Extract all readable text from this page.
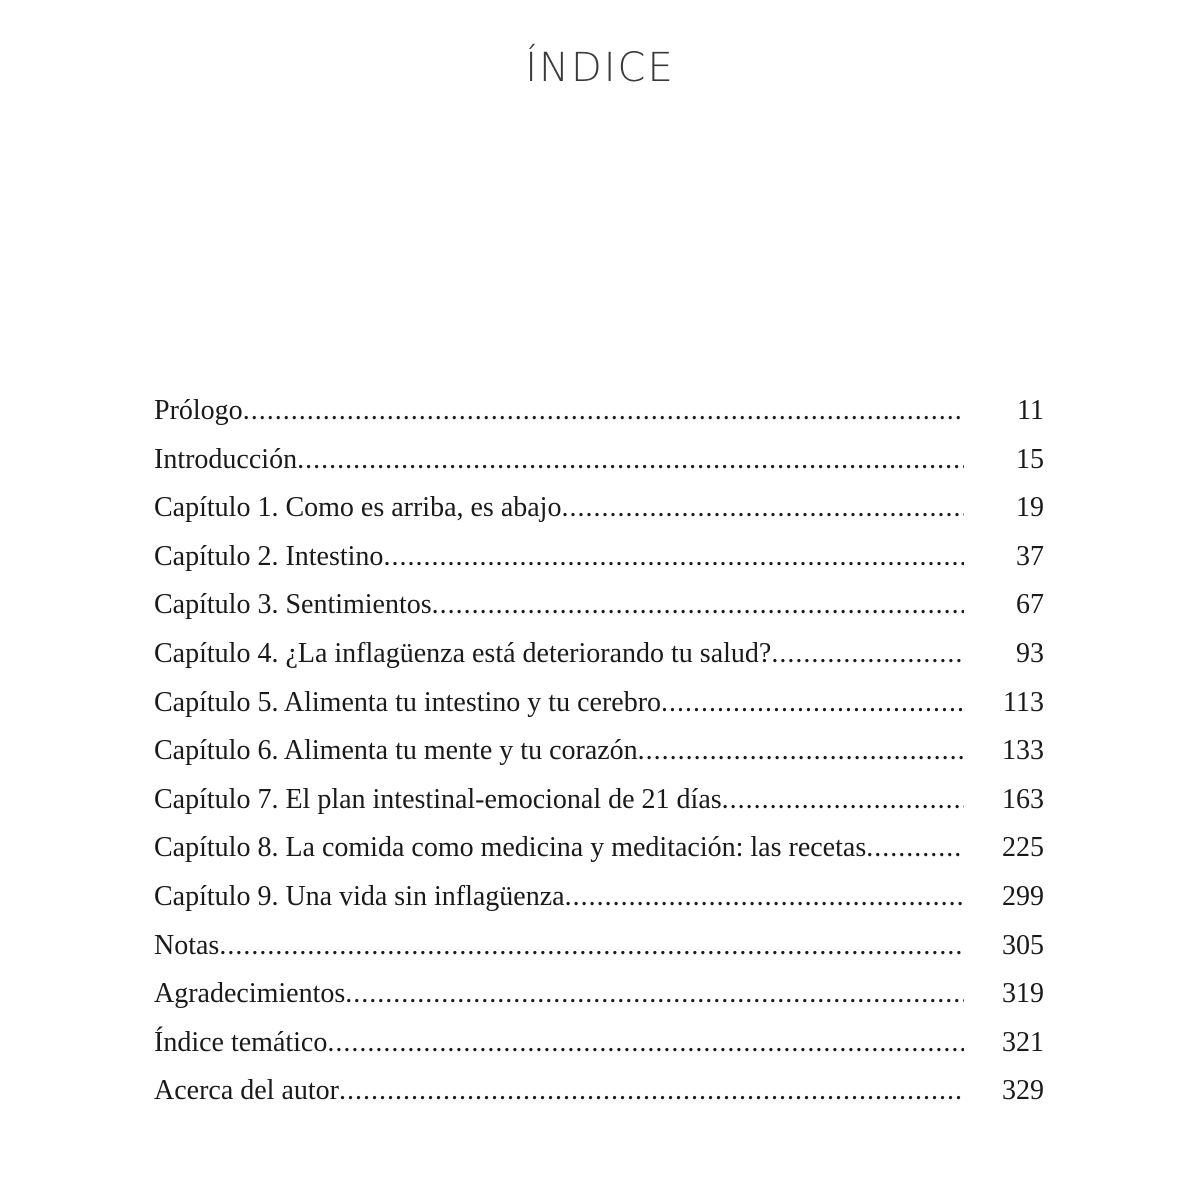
ÍNDICE
Prólogo .....	11
Introducción .....	15
Capítulo 1. Como es arriba, es abajo .....	19
Capítulo 2. Intestino .....	37
Capítulo 3. Sentimientos .....	67
Capítulo 4. ¿La inflagüenza está deteriorando tu salud? .....	93
Capítulo 5. Alimenta tu intestino y tu cerebro .....	113
Capítulo 6. Alimenta tu mente y tu corazón .....	133
Capítulo 7. El plan intestinal-emocional de 21 días .....	163
Capítulo 8. La comida como medicina y meditación: las recetas .....	225
Capítulo 9. Una vida sin inflagüenza .....	299
Notas .....	305
Agradecimientos .....	319
Índice temático .....	321
Acerca del autor .....	329
